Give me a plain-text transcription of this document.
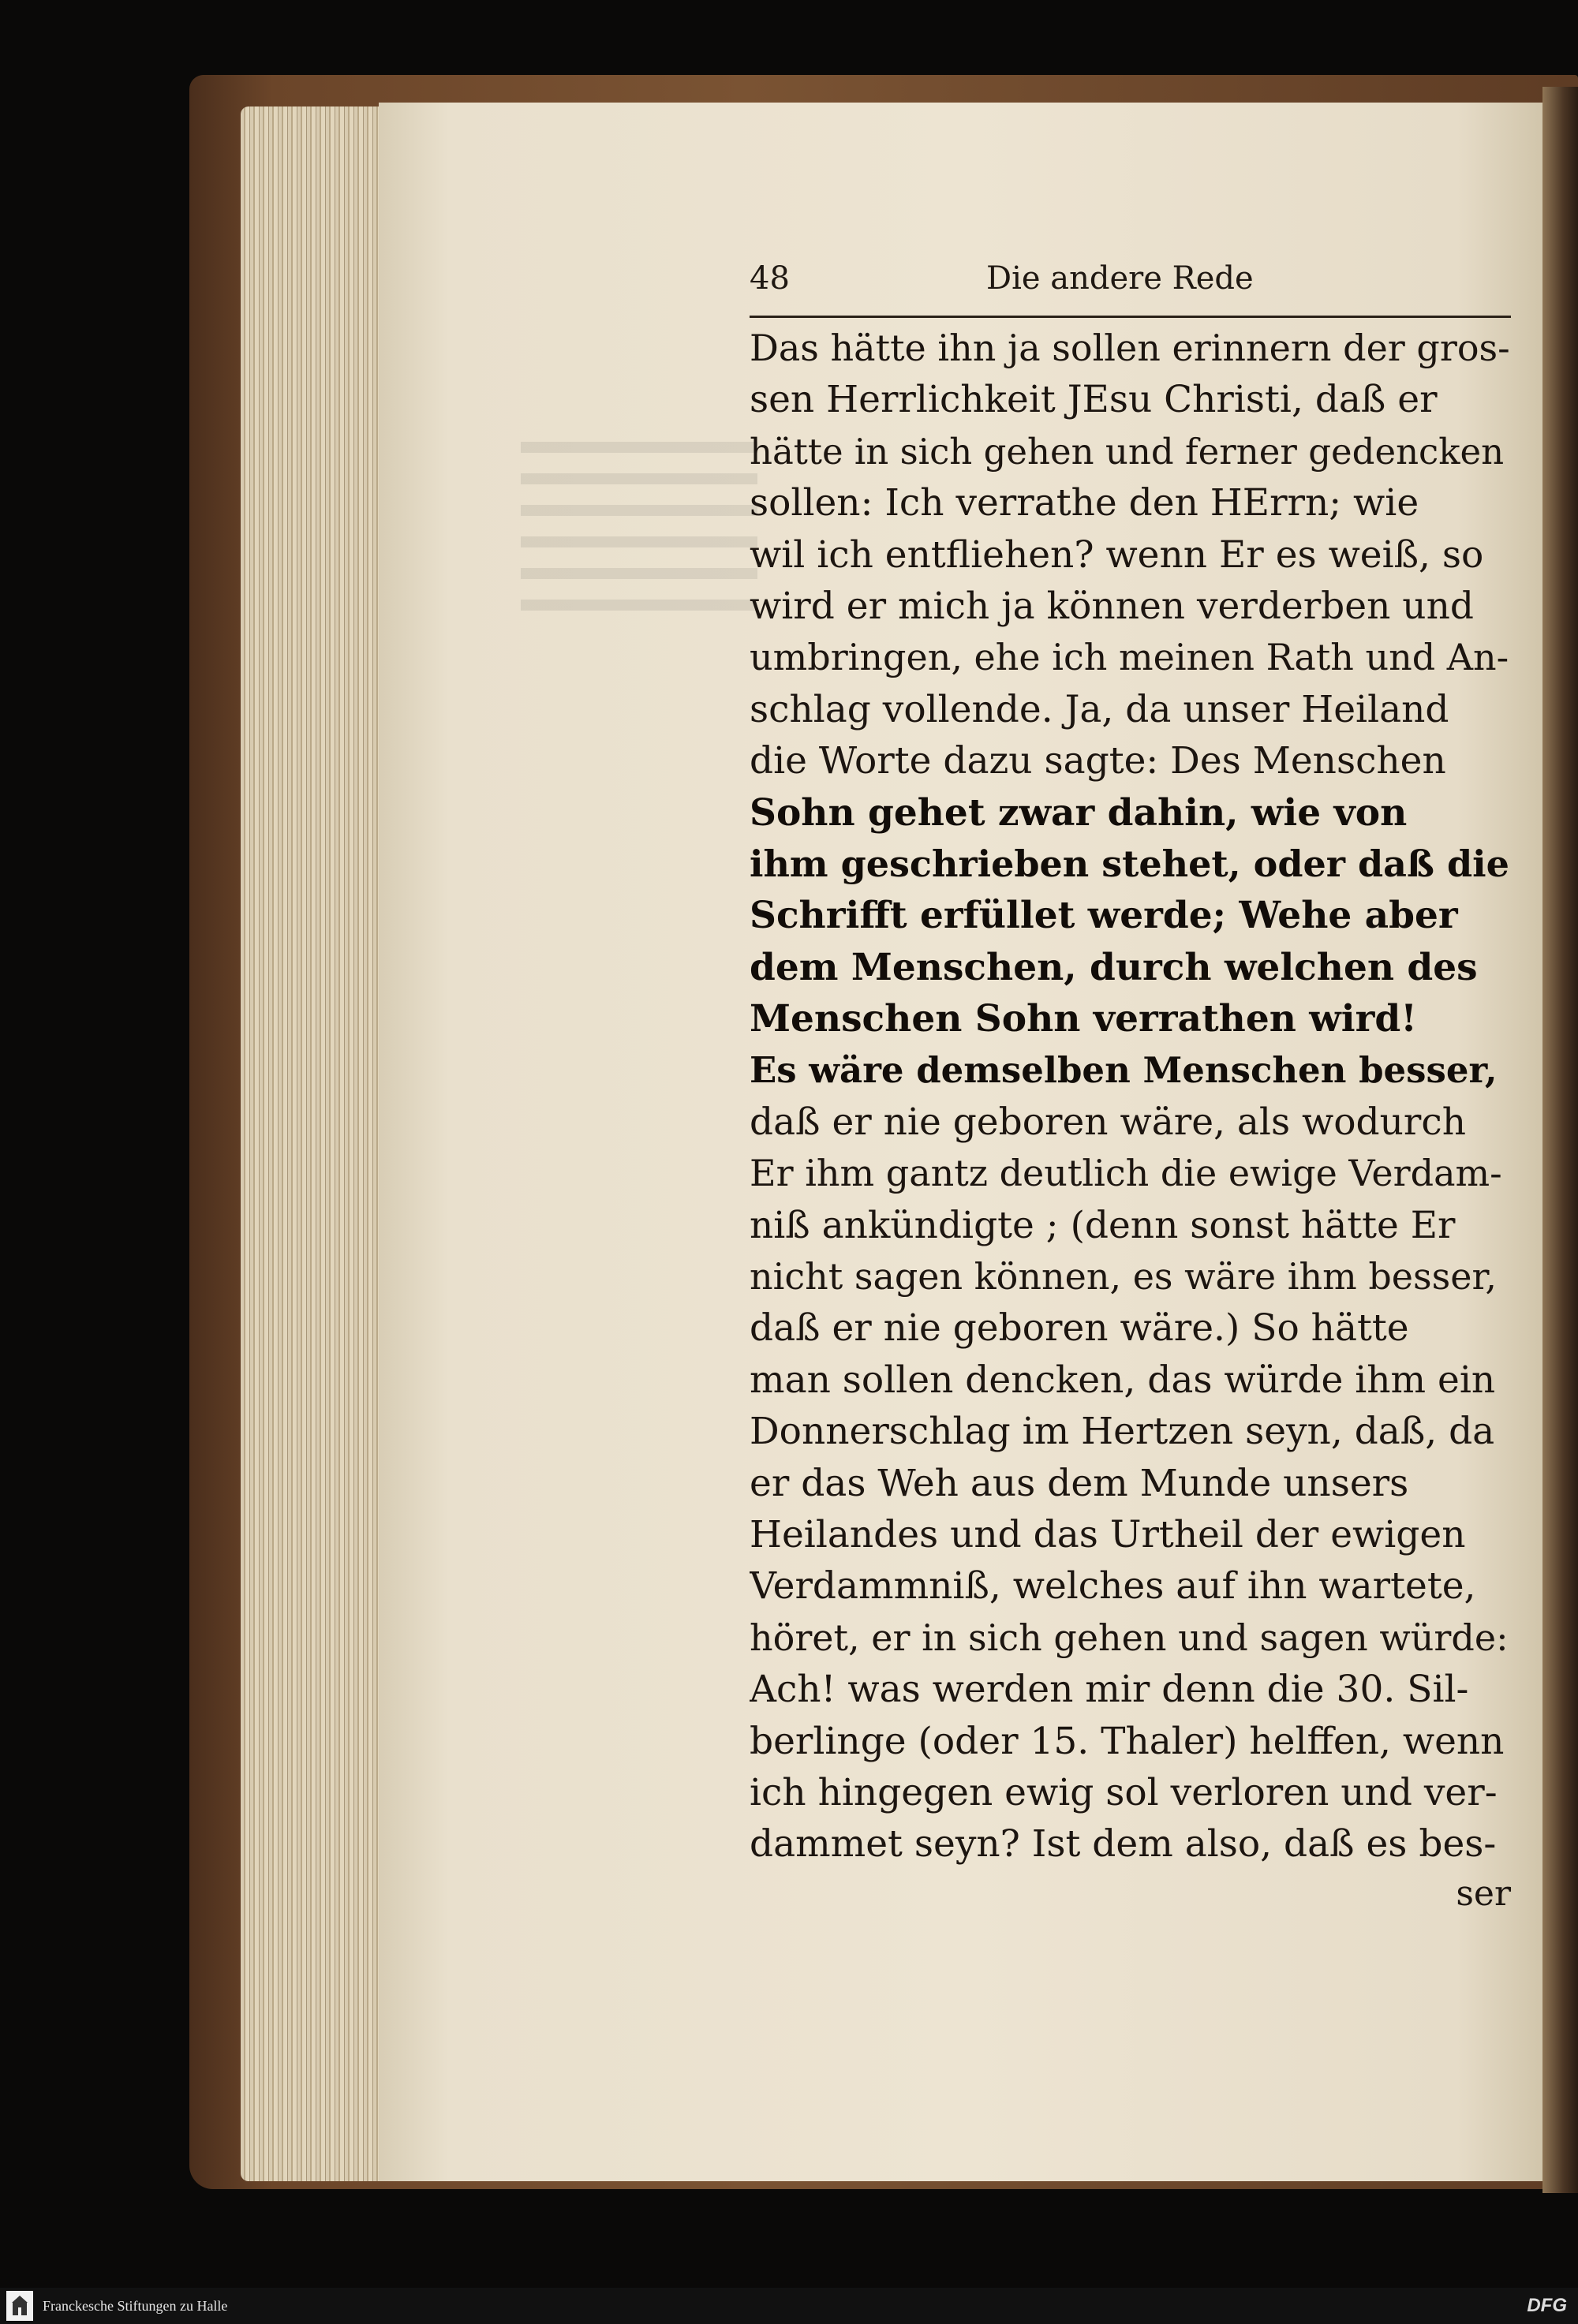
48	Die andere Rede
Das hätte ihn ja sollen erinnern der gros-
sen Herrlichkeit JEsu Christi, daß er
hätte in sich gehen und ferner gedencken
sollen: Ich verrathe den HErrn; wie
wil ich entfliehen? wenn Er es weiß, so
wird er mich ja können verderben und
umbringen, ehe ich meinen Rath und An-
schlag vollende. Ja, da unser Heiland
die Worte dazu sagte: Des Menschen
Sohn gehet zwar dahin, wie von
ihm geschrieben stehet, oder daß die
Schrifft erfüllet werde; Wehe aber
dem Menschen, durch welchen des
Menschen Sohn verrathen wird!
Es wäre demselben Menschen besser,
daß er nie geboren wäre, als wodurch
Er ihm gantz deutlich die ewige Verdam-
niß ankündigte ; (denn sonst hätte Er
nicht sagen können, es wäre ihm besser,
daß er nie geboren wäre.) So hätte
man sollen dencken, das würde ihm ein
Donnerschlag im Hertzen seyn, daß, da
er das Weh aus dem Munde unsers
Heilandes und das Urtheil der ewigen
Verdammniß, welches auf ihn wartete,
höret, er in sich gehen und sagen würde:
Ach! was werden mir denn die 30. Sil-
berlinge (oder 15. Thaler) helffen, wenn
ich hingegen ewig sol verloren und ver-
dammet seyn? Ist dem also, daß es bes-
ser
Franckesche Stiftungen zu Halle	DFG
